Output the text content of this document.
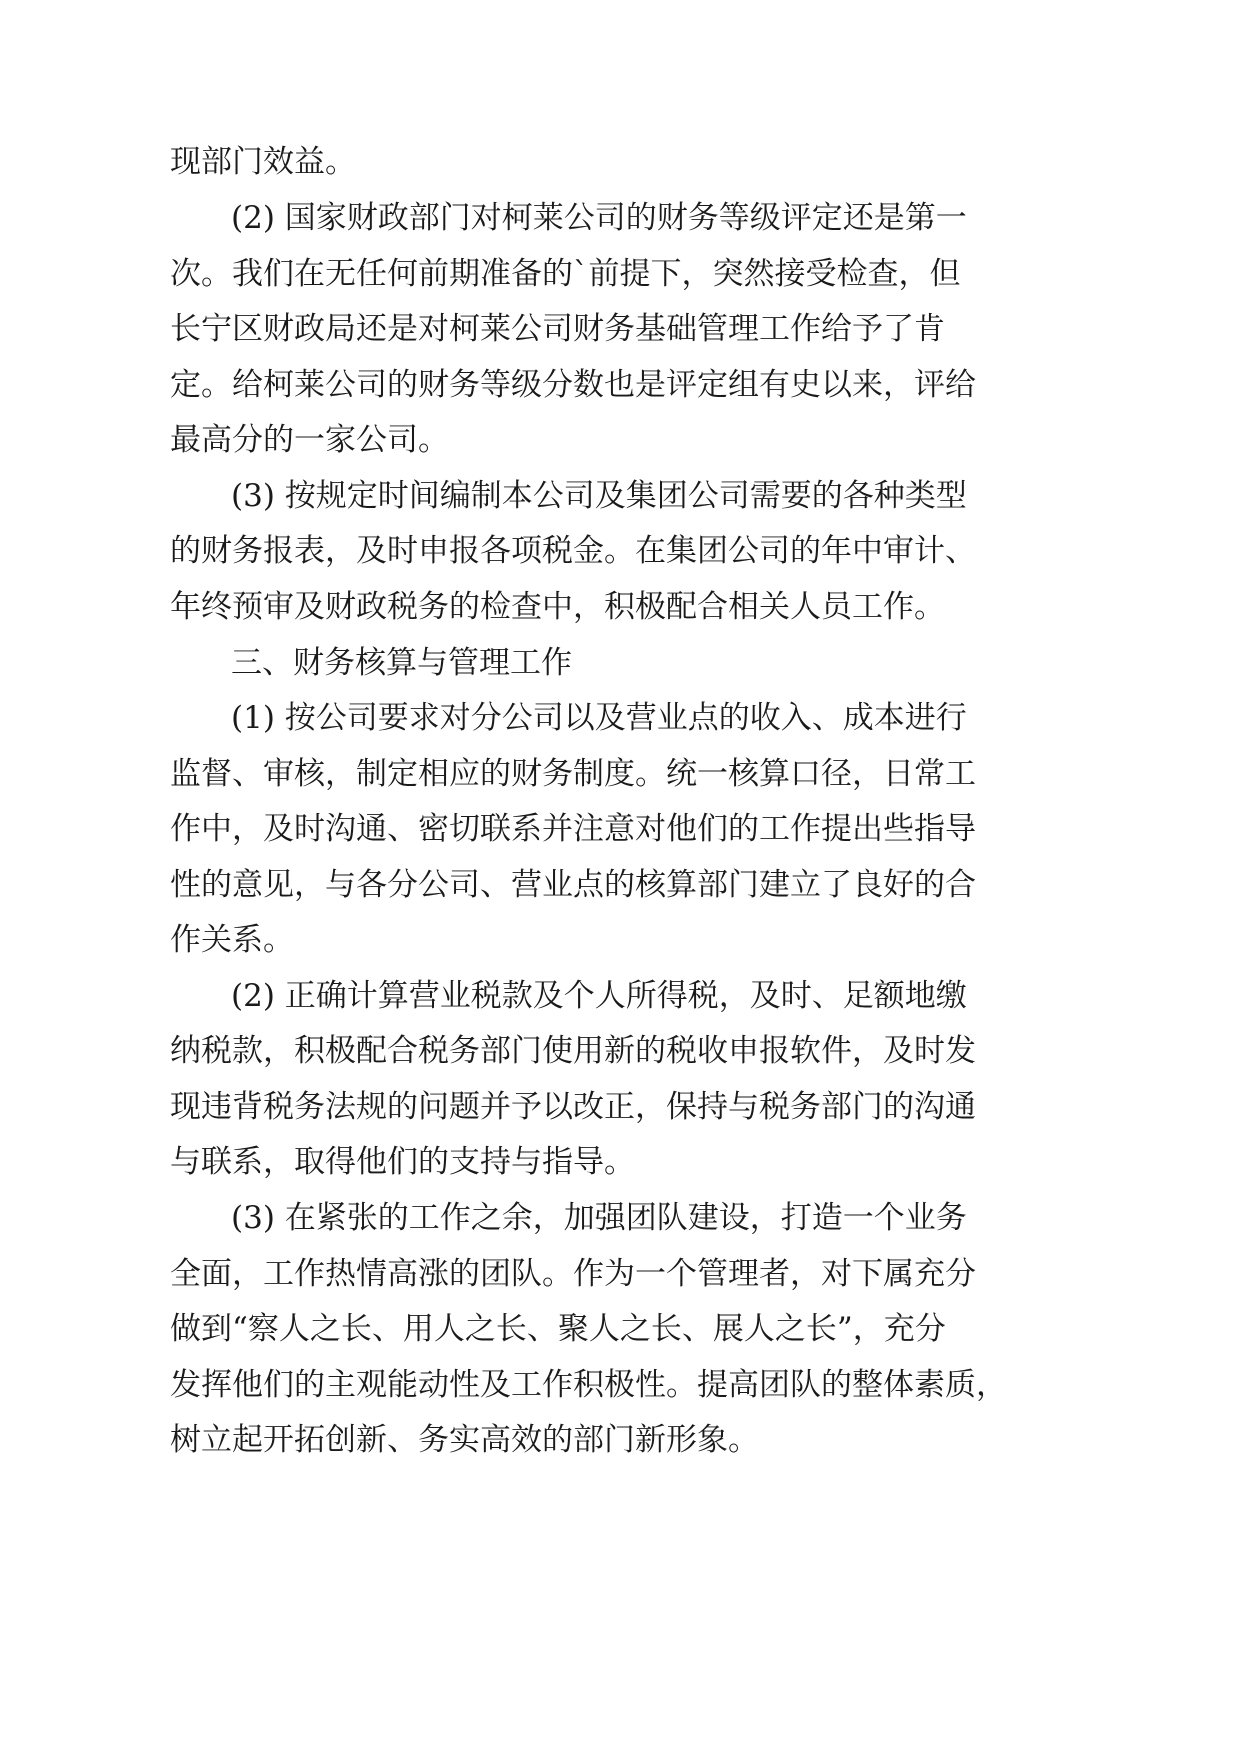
现部门效益。

(2) 国家财政部门对柯莱公司的财务等级评定还是第一

次。我们在无任何前期准备的`前提下，突然接受检查，但

长宁区财政局还是对柯莱公司财务基础管理工作给予了肯

定。给柯莱公司的财务等级分数也是评定组有史以来，评给

最高分的一家公司。

(3) 按规定时间编制本公司及集团公司需要的各种类型

的财务报表，及时申报各项税金。在集团公司的年中审计、

年终预审及财政税务的检查中，积极配合相关人员工作。

三、财务核算与管理工作

(1) 按公司要求对分公司以及营业点的收入、成本进行

监督、审核，制定相应的财务制度。统一核算口径，日常工

作中，及时沟通、密切联系并注意对他们的工作提出些指导

性的意见，与各分公司、营业点的核算部门建立了良好的合

作关系。

(2) 正确计算营业税款及个人所得税，及时、足额地缴

纳税款，积极配合税务部门使用新的税收申报软件，及时发

现违背税务法规的问题并予以改正，保持与税务部门的沟通

与联系，取得他们的支持与指导。

(3) 在紧张的工作之余，加强团队建设，打造一个业务

全面，工作热情高涨的团队。作为一个管理者，对下属充分

做到“察人之长、用人之长、聚人之长、展人之长”，充分

发挥他们的主观能动性及工作积极性。提高团队的整体素质，

树立起开拓创新、务实高效的部门新形象。
